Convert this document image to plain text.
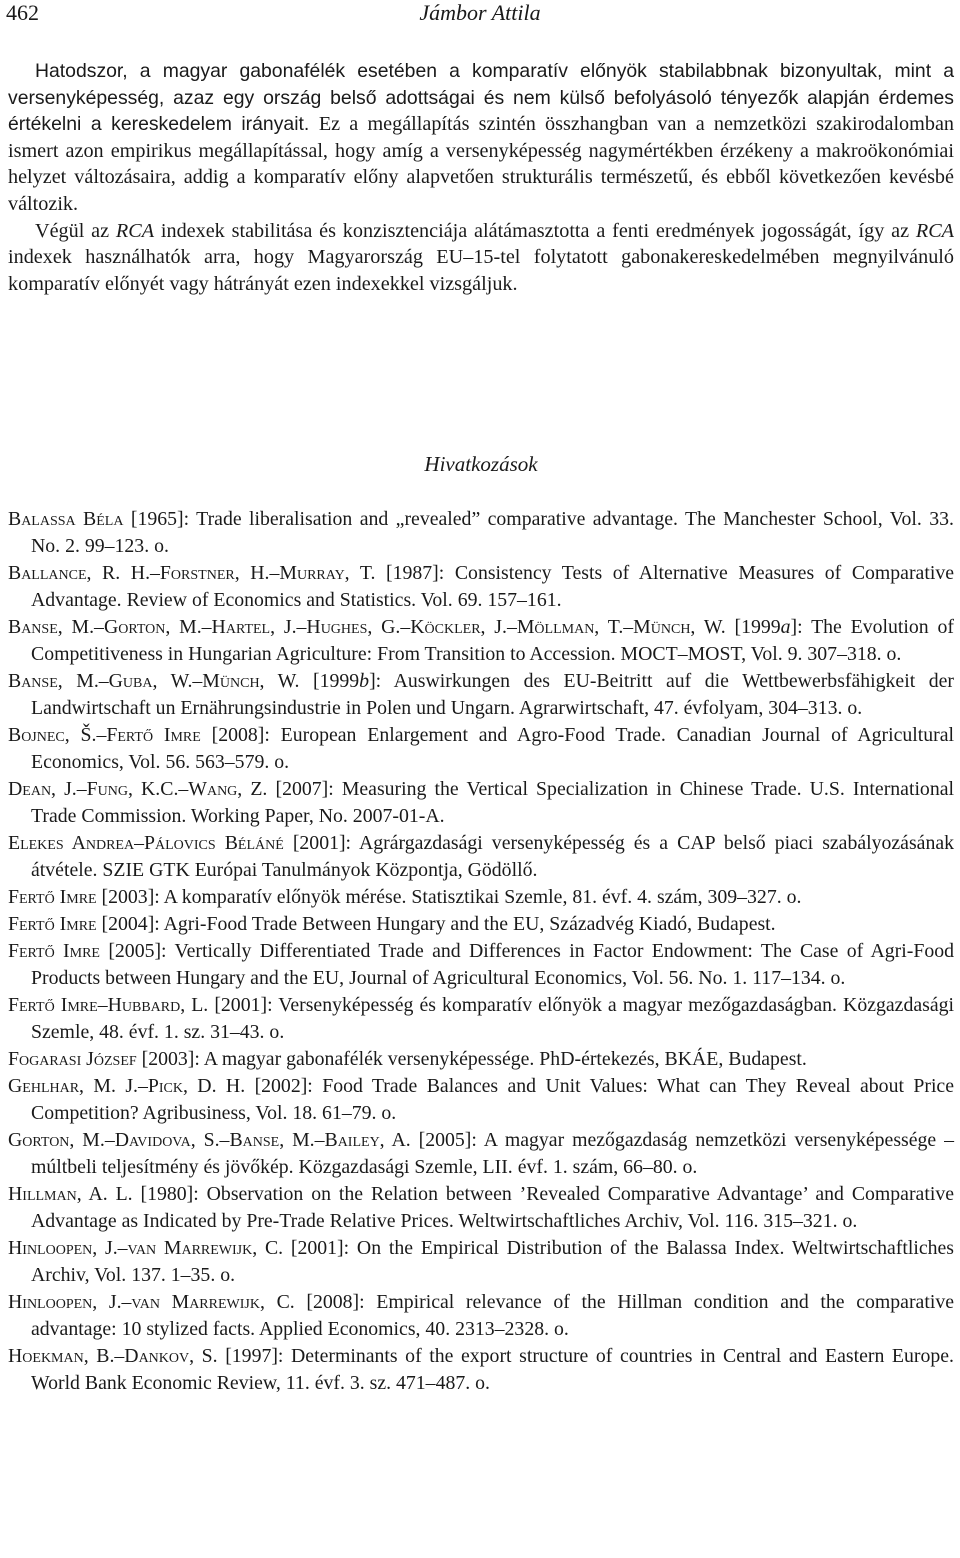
462	Jámbor Attila

Hatodszor, a magyar gabonafélék esetében a komparatív előnyök stabilabbnak bizonyultak, mint a versenyképesség, azaz egy ország belső adottságai és nem külső befolyásoló tényezők alapján érdemes értékelni a kereskedelem irányait. Ez a megállapítás szintén összhangban van a nemzetközi szakirodalomban ismert azon empirikus megállapítással, hogy amíg a versenyképesség nagymértékben érzékeny a makroökonómiai helyzet változásaira, addig a komparatív előny alapvetően strukturális természetű, és ebből következően kevésbé változik.

Végül az RCA indexek stabilitása és konzisztenciája alátámasztotta a fenti eredmények jogosságát, így az RCA indexek használhatók arra, hogy Magyarország EU–15-tel folytatott gabonakereskedelmében megnyilvánuló komparatív előnyét vagy hátrányát ezen indexekkel vizsgáljuk.

Hivatkozások

Balassa Béla [1965]: Trade liberalisation and „revealed” comparative advantage. The Manchester School, Vol. 33. No. 2. 99–123. o.

Ballance, R. H.–Forstner, H.–Murray, T. [1987]: Consistency Tests of Alternative Measures of Comparative Advantage. Review of Economics and Statistics. Vol. 69. 157–161.

Banse, M.–Gorton, M.–Hartel, J.–Hughes, G.–Köckler, J.–Möllman, T.–Münch, W. [1999a]: The Evolution of Competitiveness in Hungarian Agriculture: From Transition to Accession. MOCT–MOST, Vol. 9. 307–318. o.

Banse, M.–Guba, W.–Münch, W. [1999b]: Auswirkungen des EU-Beitritt auf die Wettbewerbsfähigkeit der Landwirtschaft un Ernährungsindustrie in Polen und Ungarn. Agrarwirtschaft, 47. évfolyam, 304–313. o.

Bojnec, Š.–Fertő Imre [2008]: European Enlargement and Agro-Food Trade. Canadian Journal of Agricultural Economics, Vol. 56. 563–579. o.

Dean, J.–Fung, K.C.–Wang, Z. [2007]: Measuring the Vertical Specialization in Chinese Trade. U.S. International Trade Commission. Working Paper, No. 2007-01-A.

Elekes Andrea–Pálovics Béláné [2001]: Agrárgazdasági versenyképesség és a CAP belső piaci szabályozásának átvétele. SZIE GTK Európai Tanulmányok Központja, Gödöllő.

Fertő Imre [2003]: A komparatív előnyök mérése. Statisztikai Szemle, 81. évf. 4. szám, 309–327. o.

Fertő Imre [2004]: Agri-Food Trade Between Hungary and the EU, Századvég Kiadó, Budapest.

Fertő Imre [2005]: Vertically Differentiated Trade and Differences in Factor Endowment: The Case of Agri-Food Products between Hungary and the EU, Journal of Agricultural Economics, Vol. 56. No. 1. 117–134. o.

Fertő Imre–Hubbard, L. [2001]: Versenyképesség és komparatív előnyök a magyar mezőgazdaságban. Közgazdasági Szemle, 48. évf. 1. sz. 31–43. o.

Fogarasi József [2003]: A magyar gabonafélék versenyképessége. PhD-értekezés, BKÁE, Budapest.

Gehlhar, M. J.–Pick, D. H. [2002]: Food Trade Balances and Unit Values: What can They Reveal about Price Competition? Agribusiness, Vol. 18. 61–79. o.

Gorton, M.–Davidova, S.–Banse, M.–Bailey, A. [2005]: A magyar mezőgazdaság nemzetközi versenyképessége – múltbeli teljesítmény és jövőkép. Közgazdasági Szemle, LII. évf. 1. szám, 66–80. o.

Hillman, A. L. [1980]: Observation on the Relation between ’Revealed Comparative Advantage’ and Comparative Advantage as Indicated by Pre-Trade Relative Prices. Weltwirtschaftliches Archiv, Vol. 116. 315–321. o.

Hinloopen, J.–van Marrewijk, C. [2001]: On the Empirical Distribution of the Balassa Index. Weltwirtschaftliches Archiv, Vol. 137. 1–35. o.

Hinloopen, J.–van Marrewijk, C. [2008]: Empirical relevance of the Hillman condition and the comparative advantage: 10 stylized facts. Applied Economics, 40. 2313–2328. o.

Hoekman, B.–Dankov, S. [1997]: Determinants of the export structure of countries in Central and Eastern Europe. World Bank Economic Review, 11. évf. 3. sz. 471–487. o.
